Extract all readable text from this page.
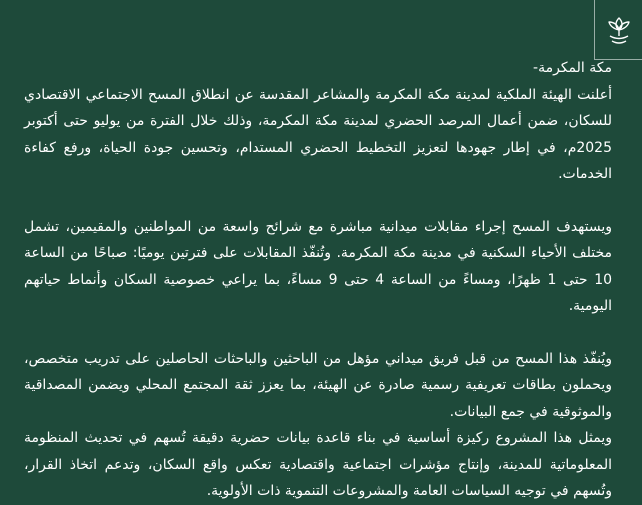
مكة المكرمة-

أعلنت الهيئة الملكية لمدينة مكة المكرمة والمشاعر المقدسة عن انطلاق المسح الاجتماعي الاقتصادي للسكان، ضمن أعمال المرصد الحضري لمدينة مكة المكرمة، وذلك خلال الفترة من يوليو حتى أكتوبر 2025م، في إطار جهودها لتعزيز التخطيط الحضري المستدام، وتحسين جودة الحياة، ورفع كفاءة الخدمات.

ويستهدف المسح إجراء مقابلات ميدانية مباشرة مع شرائح واسعة من المواطنين والمقيمين، تشمل مختلف الأحياء السكنية في مدينة مكة المكرمة. وتُنفّذ المقابلات على فترتين يوميًا: صباحًا من الساعة 10 حتى 1 ظهرًا، ومساءً من الساعة 4 حتى 9 مساءً، بما يراعي خصوصية السكان وأنماط حياتهم اليومية.

ويُنفّذ هذا المسح من قبل فريق ميداني مؤهل من الباحثين والباحثات الحاصلين على تدريب متخصص، ويحملون بطاقات تعريفية رسمية صادرة عن الهيئة، بما يعزز ثقة المجتمع المحلي ويضمن المصداقية والموثوقية في جمع البيانات.

ويمثل هذا المشروع ركيزة أساسية في بناء قاعدة بيانات حضرية دقيقة تُسهم في تحديث المنظومة المعلوماتية للمدينة، وإنتاج مؤشرات اجتماعية واقتصادية تعكس واقع السكان، وتدعم اتخاذ القرار، وتُسهم في توجيه السياسات العامة والمشروعات التنموية ذات الأولوية.
